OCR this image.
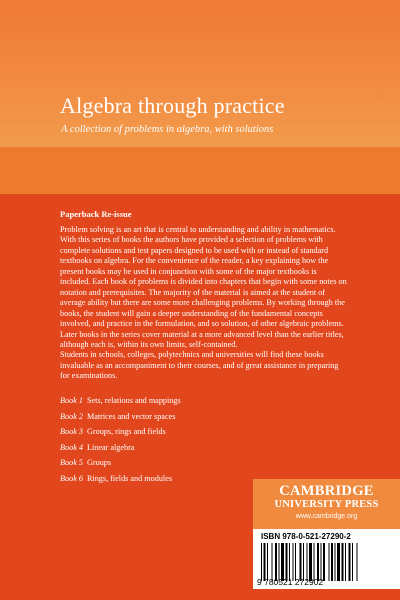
Algebra through practice

A collection of problems in algebra, with solutions

Paperback Re-issue

Problem solving is an art that is central to understanding and ability in mathematics. With this series of books the authors have provided a selection of problems with complete solutions and test papers designed to be used with or instead of standard textbooks on algebra. For the convenience of the reader, a key explaining how the present books may be used in conjunction with some of the major textbooks is included. Each book of problems is divided into chapters that begin with some notes on notation and prerequisites. The majority of the material is aimed at the student of average ability but there are some more challenging problems. By working through the books, the student will gain a deeper understanding of the fundamental concepts involved, and practice in the formulation, and so solution, of other algebraic problems. Later books in the series cover material at a more advanced level than the earlier titles, although each is, within its own limits, self-contained.

Students in schools, colleges, polytechnics and universities will find these books invaluable as an accompaniment to their courses, and of great assistance in preparing for examinations.

Book 1 Sets, relations and mappings
Book 2 Matrices and vector spaces
Book 3 Groups, rings and fields
Book 4 Linear algebra
Book 5 Groups
Book 6 Rings, fields and modules
CAMBRIDGE
UNIVERSITY PRESS
www.cambridge.org
ISBN 978-0-521-27290-2
9 780521 272902
